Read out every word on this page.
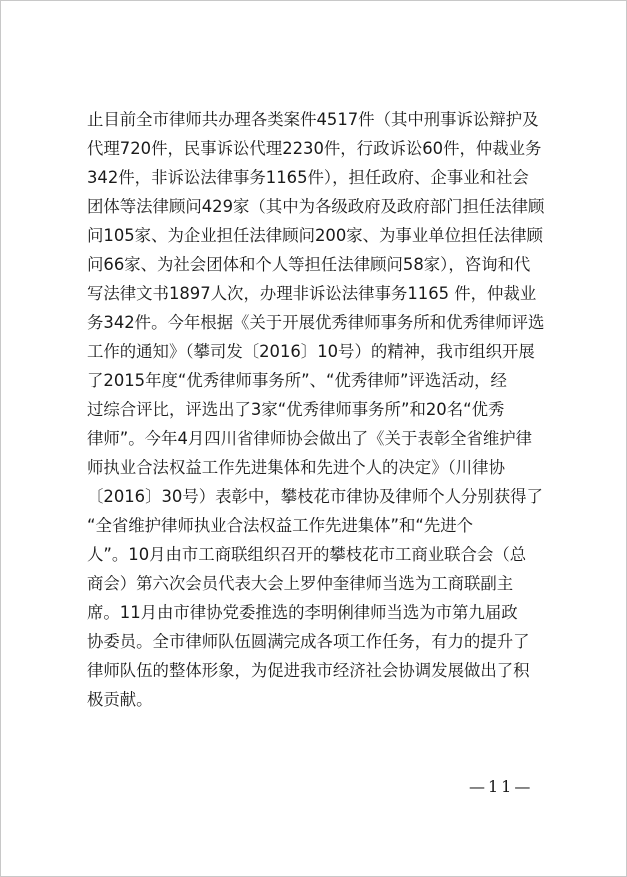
止目前全市律师共办理各类案件4517件（其中刑事诉讼辩护及
代理720件，民事诉讼代理2230件，行政诉讼60件，仲裁业务
342件，非诉讼法律事务1165件），担任政府、企事业和社会
团体等法律顾问429家（其中为各级政府及政府部门担任法律顾
问105家、为企业担任法律顾问200家、为事业单位担任法律顾
问66家、为社会团体和个人等担任法律顾问58家），咨询和代
写法律文书1897人次，办理非诉讼法律事务1165 件，仲裁业
务342件。今年根据《关于开展优秀律师事务所和优秀律师评选
工作的通知》（攀司发〔2016〕10号）的精神，我市组织开展
了2015年度“优秀律师事务所”、“优秀律师”评选活动，经
过综合评比，评选出了3家“优秀律师事务所”和20名“优秀
律师”。今年4月四川省律师协会做出了《关于表彰全省维护律
师执业合法权益工作先进集体和先进个人的决定》（川律协
〔2016〕30号）表彰中，攀枝花市律协及律师个人分别获得了
“全省维护律师执业合法权益工作先进集体”和“先进个
人”。10月由市工商联组织召开的攀枝花市工商业联合会（总
商会）第六次会员代表大会上罗仲奎律师当选为工商联副主
席。11月由市律协党委推选的李明俐律师当选为市第九届政
协委员。全市律师队伍圆满完成各项工作任务，有力的提升了
律师队伍的整体形象，为促进我市经济社会协调发展做出了积
极贡献。
—11—
